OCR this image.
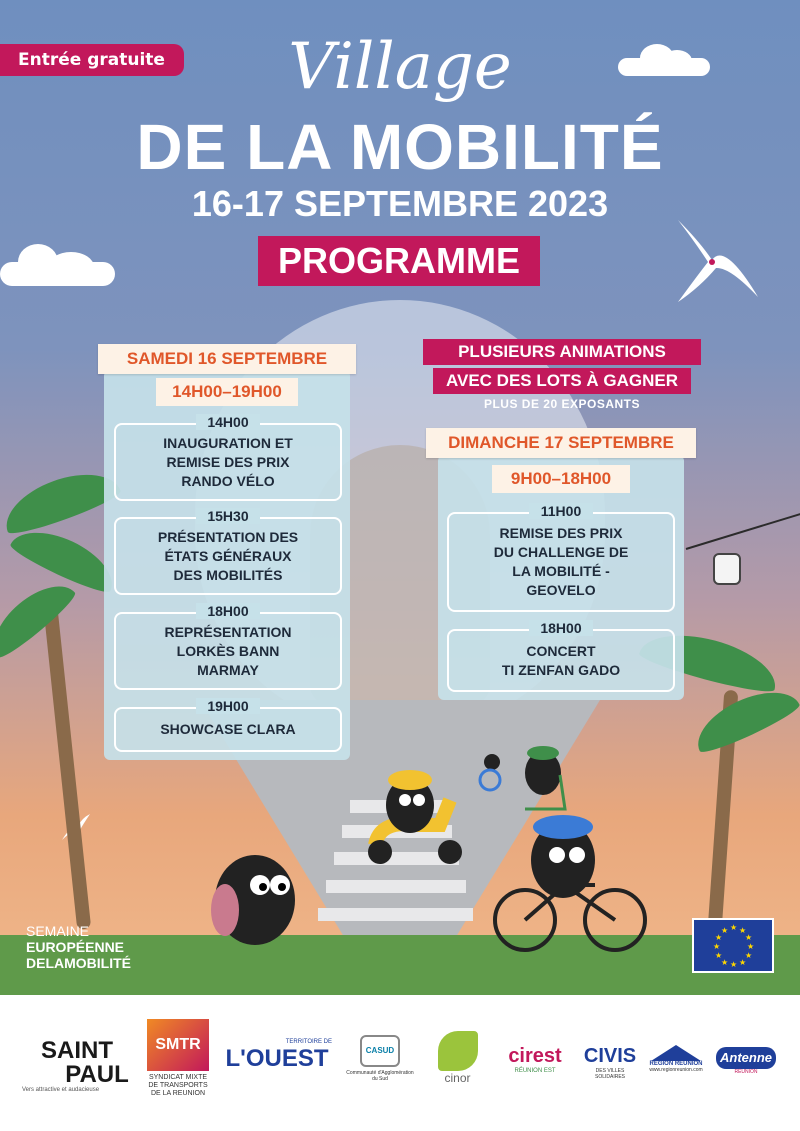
Entrée gratuite	Village
DE LA MOBILITÉ
16-17 SEPTEMBRE 2023
PROGRAMME
PLUSIEURS ANIMATIONS
AVEC DES LOTS À GAGNER
PLUS DE 20 EXPOSANTS
SAMEDI 16 SEPTEMBRE
14H00–19H00
INAUGURATION ET
REMISE DES PRIX
RANDO VÉLO
14H00
PRÉSENTATION DES
ÉTATS GÉNÉRAUX
DES MOBILITÉS
15H30
REPRÉSENTATION
LORKÈS BANN
MARMAY
18H00
SHOWCASE CLARA
19H00
DIMANCHE 17 SEPTEMBRE
9H00–18H00
REMISE DES PRIX
DU CHALLENGE DE
LA MOBILITÉ -
GEOVELO
11H00
CONCERT
TI ZENFAN GADO
18H00
SEMAINE
EUROPÉENNE
DELAMOBILITÉ
★ ★
★
★
★
★
★
★
★
★
★
★
SAINT
PAUL
Vers attractive et audacieuse
SMTR
SYNDICAT MIXTE
DE TRANSPORTS
DE LA REUNION
TERRITOIRE DE
L'OUEST	CASUD
Communauté d'Agglomération du Sud	cinor
cirest
RÉUNION EST
CIVIS
DES VILLES SOLIDAIRES
RÉGION RÉUNION
www.regionreunion.com
Antenne
RÉUNION
